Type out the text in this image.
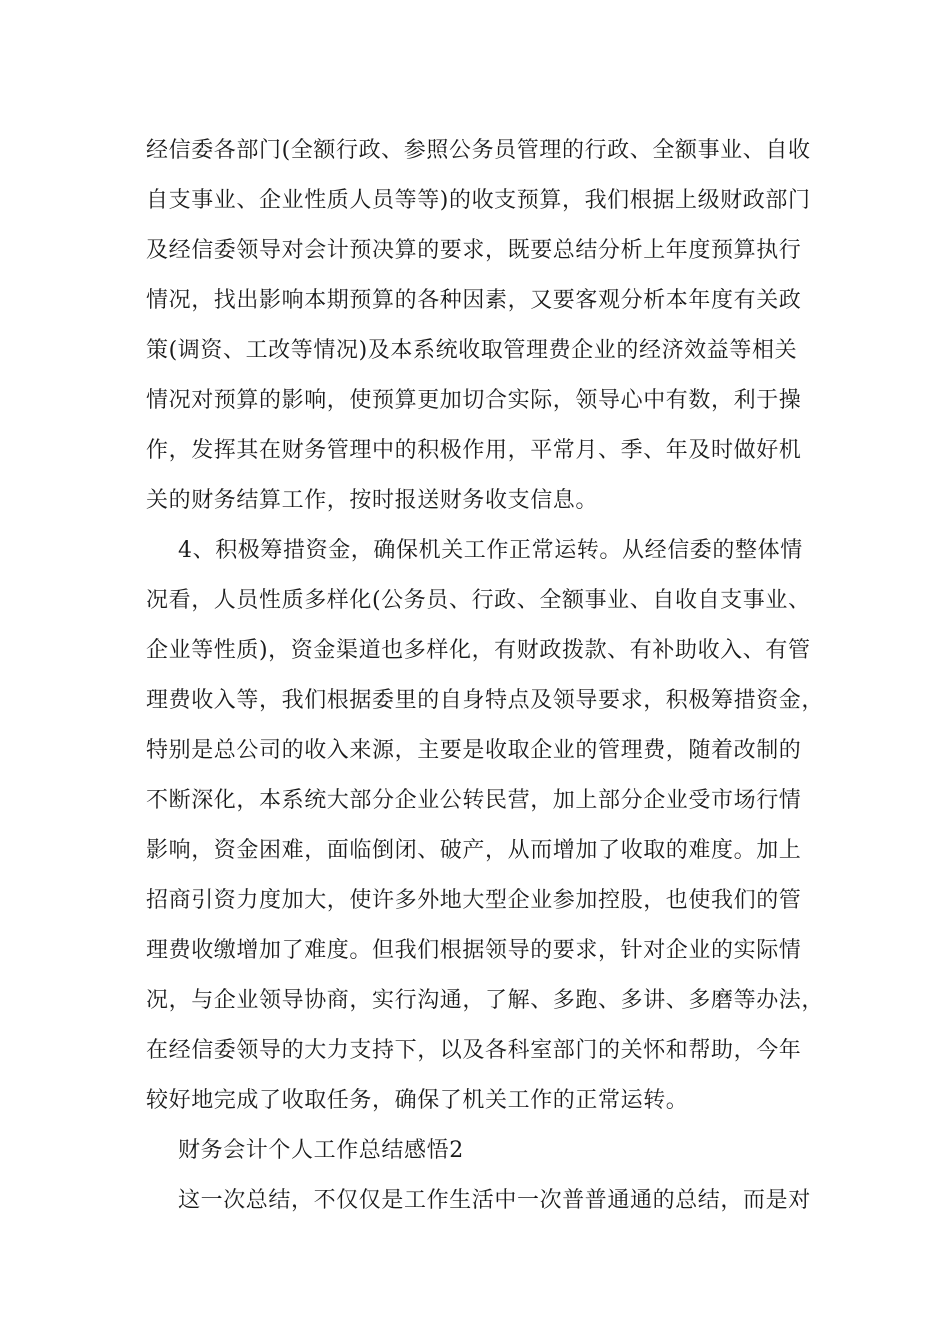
经信委各部门(全额行政、参照公务员管理的行政、全额事业、自收
自支事业、企业性质人员等等)的收支预算，我们根据上级财政部门
及经信委领导对会计预决算的要求，既要总结分析上年度预算执行
情况，找出影响本期预算的各种因素，又要客观分析本年度有关政
策(调资、工改等情况)及本系统收取管理费企业的经济效益等相关
情况对预算的影响，使预算更加切合实际，领导心中有数，利于操
作，发挥其在财务管理中的积极作用，平常月、季、年及时做好机
关的财务结算工作，按时报送财务收支信息。
4、积极筹措资金，确保机关工作正常运转。从经信委的整体情
况看，人员性质多样化(公务员、行政、全额事业、自收自支事业、
企业等性质)，资金渠道也多样化，有财政拨款、有补助收入、有管
理费收入等，我们根据委里的自身特点及领导要求，积极筹措资金，
特别是总公司的收入来源，主要是收取企业的管理费，随着改制的
不断深化，本系统大部分企业公转民营，加上部分企业受市场行情
影响，资金困难，面临倒闭、破产，从而增加了收取的难度。加上
招商引资力度加大，使许多外地大型企业参加控股，也使我们的管
理费收缴增加了难度。但我们根据领导的要求，针对企业的实际情
况，与企业领导协商，实行沟通，了解、多跑、多讲、多磨等办法，
在经信委领导的大力支持下，以及各科室部门的关怀和帮助，今年
较好地完成了收取任务，确保了机关工作的正常运转。
财务会计个人工作总结感悟2
这一次总结，不仅仅是工作生活中一次普普通通的总结，而是对
